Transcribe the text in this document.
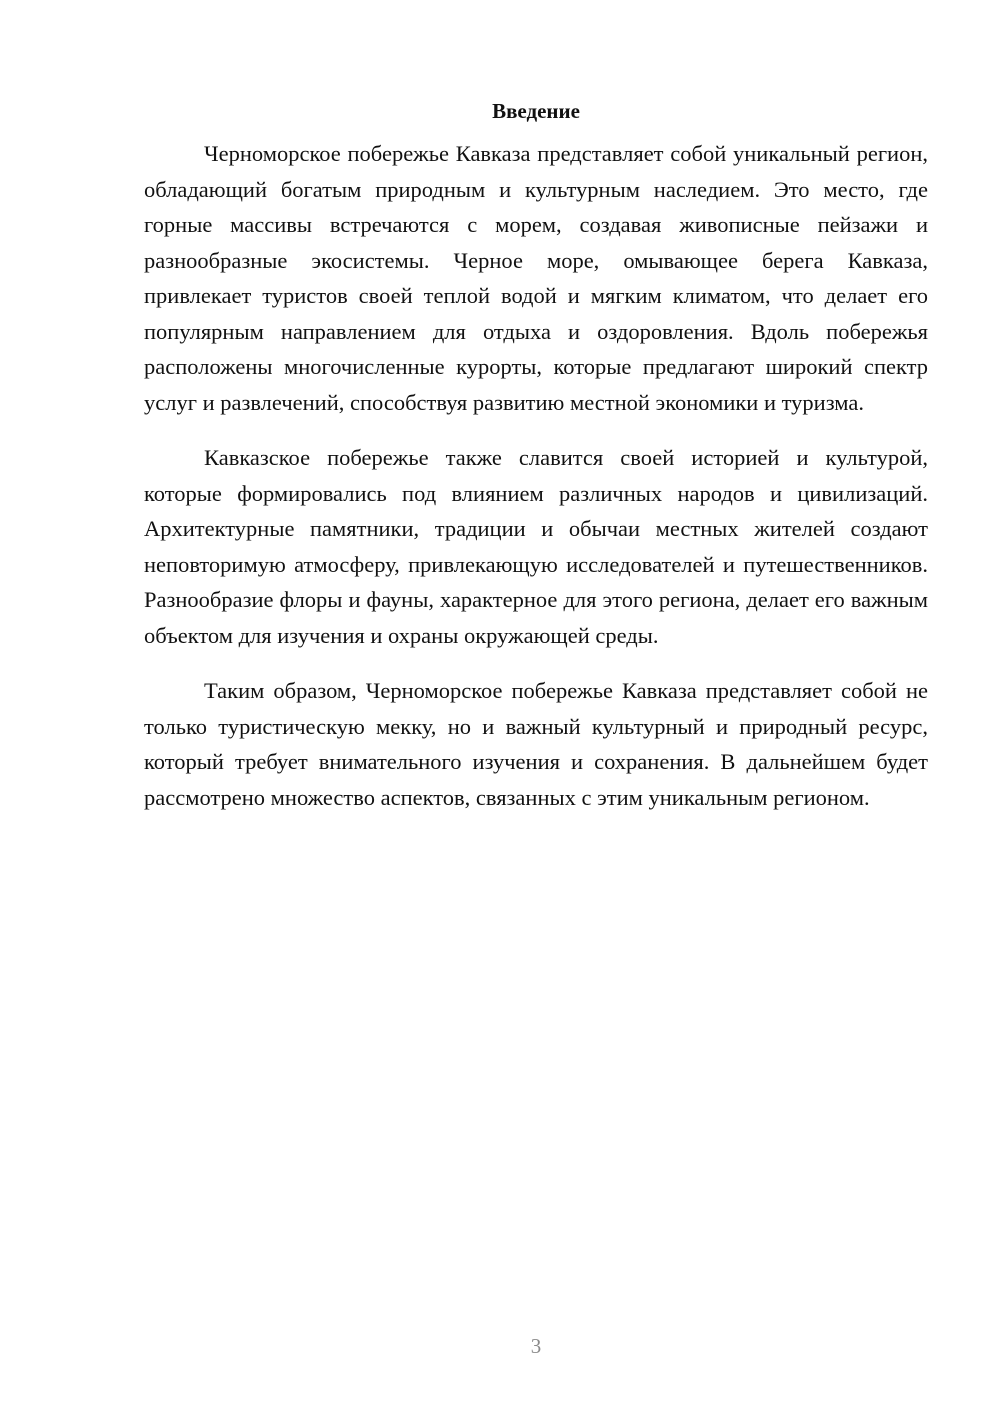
Введение

Черноморское побережье Кавказа представляет собой уникальный регион, обладающий богатым природным и культурным наследием. Это место, где горные массивы встречаются с морем, создавая живописные пейзажи и разнообразные экосистемы. Черное море, омывающее берега Кавказа, привлекает туристов своей теплой водой и мягким климатом, что делает его популярным направлением для отдыха и оздоровления. Вдоль побережья расположены многочисленные курорты, которые предлагают широкий спектр услуг и развлечений, способствуя развитию местной экономики и туризма.

Кавказское побережье также славится своей историей и культурой, которые формировались под влиянием различных народов и цивилизаций. Архитектурные памятники, традиции и обычаи местных жителей создают неповторимую атмосферу, привлекающую исследователей и путешественников. Разнообразие флоры и фауны, характерное для этого региона, делает его важным объектом для изучения и охраны окружающей среды.

Таким образом, Черноморское побережье Кавказа представляет собой не только туристическую мекку, но и важный культурный и природный ресурс, который требует внимательного изучения и сохранения. В дальнейшем будет рассмотрено множество аспектов, связанных с этим уникальным регионом.

3
